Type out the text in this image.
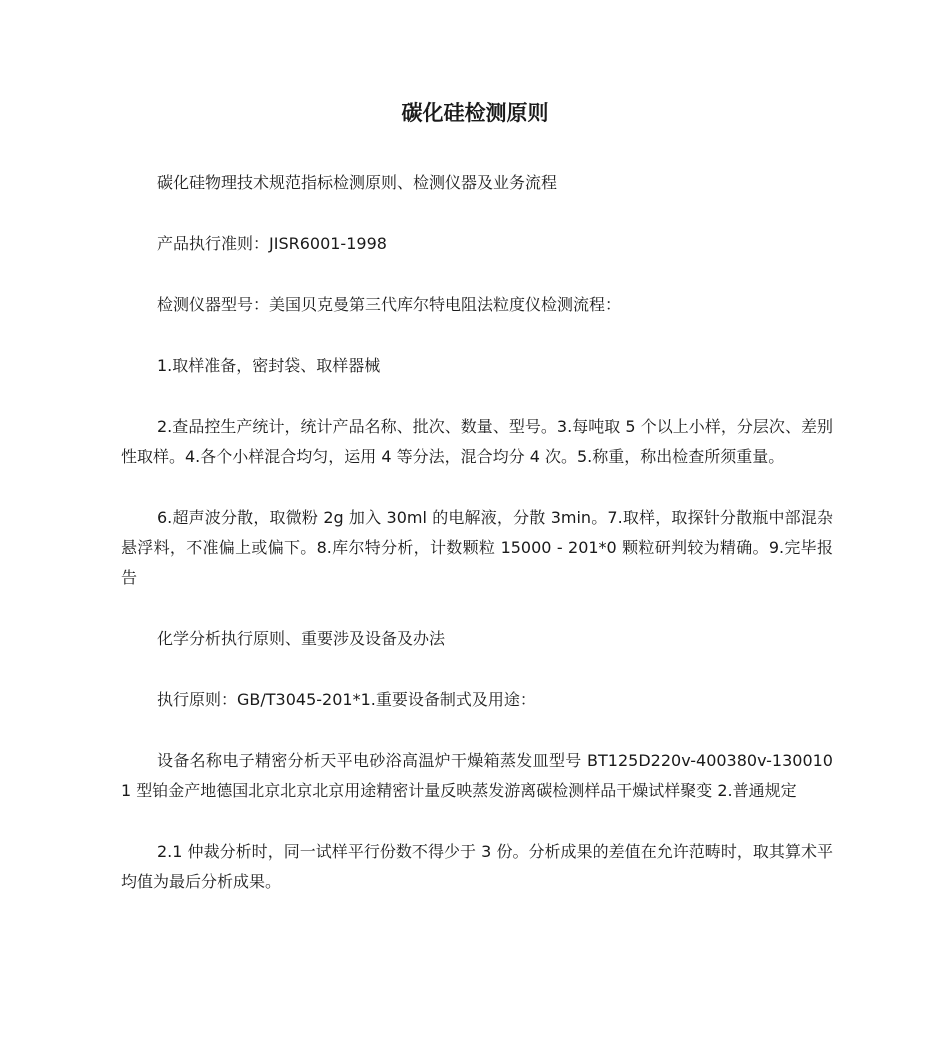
碳化硅检测原则

碳化硅物理技术规范指标检测原则、检测仪器及业务流程

产品执行准则：JISR6001-1998

检测仪器型号：美国贝克曼第三代库尔特电阻法粒度仪检测流程：

1.取样准备，密封袋、取样器械

2.查品控生产统计，统计产品名称、批次、数量、型号。3.每吨取 5 个以上小样，分层次、差别性取样。4.各个小样混合均匀，运用 4 等分法，混合均分 4 次。5.称重，称出检查所须重量。

6.超声波分散，取微粉 2g 加入 30ml 的电解液，分散 3min。7.取样，取探针分散瓶中部混杂悬浮料，不准偏上或偏下。8.库尔特分析，计数颗粒 15000 - 201*0 颗粒研判较为精确。9.完毕报告

化学分析执行原则、重要涉及设备及办法

执行原则：GB/T3045-201*1.重要设备制式及用途：

设备名称电子精密分析天平电砂浴高温炉干燥箱蒸发皿型号 BT125D220v-400380v-1300101 型铂金产地德国北京北京北京用途精密计量反映蒸发游离碳检测样品干燥试样聚变 2.普通规定

2.1 仲裁分析时，同一试样平行份数不得少于 3 份。分析成果的差值在允许范畴时，取其算术平均值为最后分析成果。
